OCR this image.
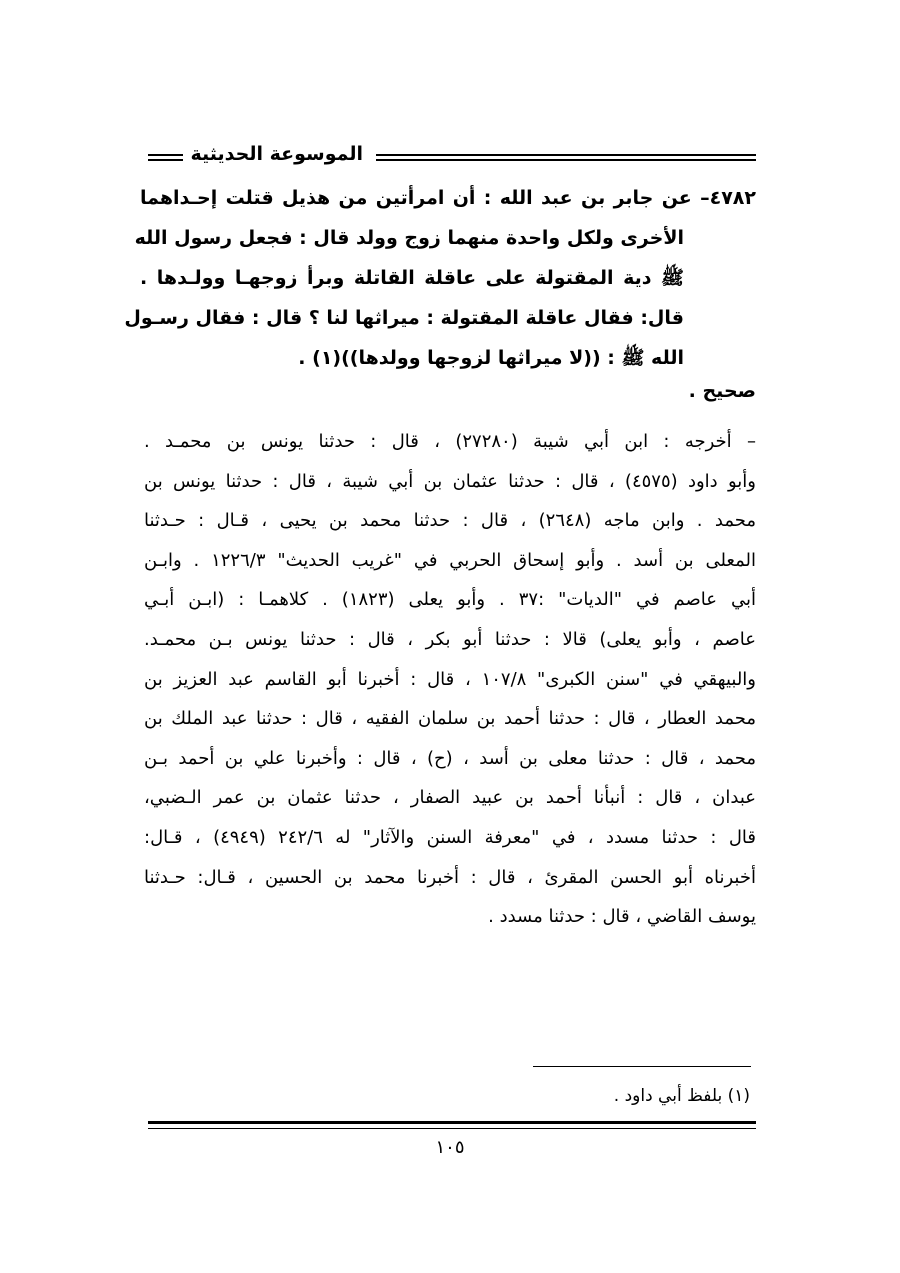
الموسوعة الحديثية
٤٧٨٢– عن جابر بن عبد الله : أن امرأتين من هذيل قتلت إحـداهما
الأخرى ولكل واحدة منهما زوج وولد قال : فجعل رسول الله
ﷺ دية المقتولة على عاقلة القاتلة وبرأ زوجهـا وولـدها .
قال: فقال عاقلة المقتولة : ميراثها لنا ؟ قال : فقال رسـول
الله ﷺ : ((لا ميراثها لزوجها وولدها))(١) .
صحيح .
– أخرجه : ابن أبي شيبة (٢٧٢٨٠) ، قال : حدثنا يونس بن محمـد .
وأبو داود (٤٥٧٥) ، قال : حدثنا عثمان بن أبي شيبة ، قال : حدثنا يونس بن
محمد . وابن ماجه (٢٦٤٨) ، قال : حدثنا محمد بن يحيى ، قـال : حـدثنا
المعلى بن أسد . وأبو إسحاق الحربي في "غريب الحديث" ١٢٢٦/٣ . وابـن
أبي عاصم في "الديات" :٣٧ . وأبو يعلى (١٨٢٣) . كلاهمـا : (ابـن أبـي
عاصم ، وأبو يعلى) قالا : حدثنا أبو بكر ، قال : حدثنا يونس بـن محمـد.
والبيهقي في "سنن الكبرى" ١٠٧/٨ ، قال : أخبرنا أبو القاسم عبد العزيز بن
محمد العطار ، قال : حدثنا أحمد بن سلمان الفقيه ، قال : حدثنا عبد الملك بن
محمد ، قال : حدثنا معلى بن أسد ، (ح) ، قال : وأخبرنا علي بن أحمد بـن
عبدان ، قال : أنبأنا أحمد بن عبيد الصفار ، حدثنا عثمان بن عمر الـضبي،
قال : حدثنا مسدد ، في "معرفة السنن والآثار" له ٢٤٢/٦ (٤٩٤٩) ، قـال:
أخبرناه أبو الحسن المقرئ ، قال : أخبرنا محمد بن الحسين ، قـال: حـدثنا
يوسف القاضي ، قال : حدثنا مسدد .
(١) بلفظ أبي داود .
١٠٥
